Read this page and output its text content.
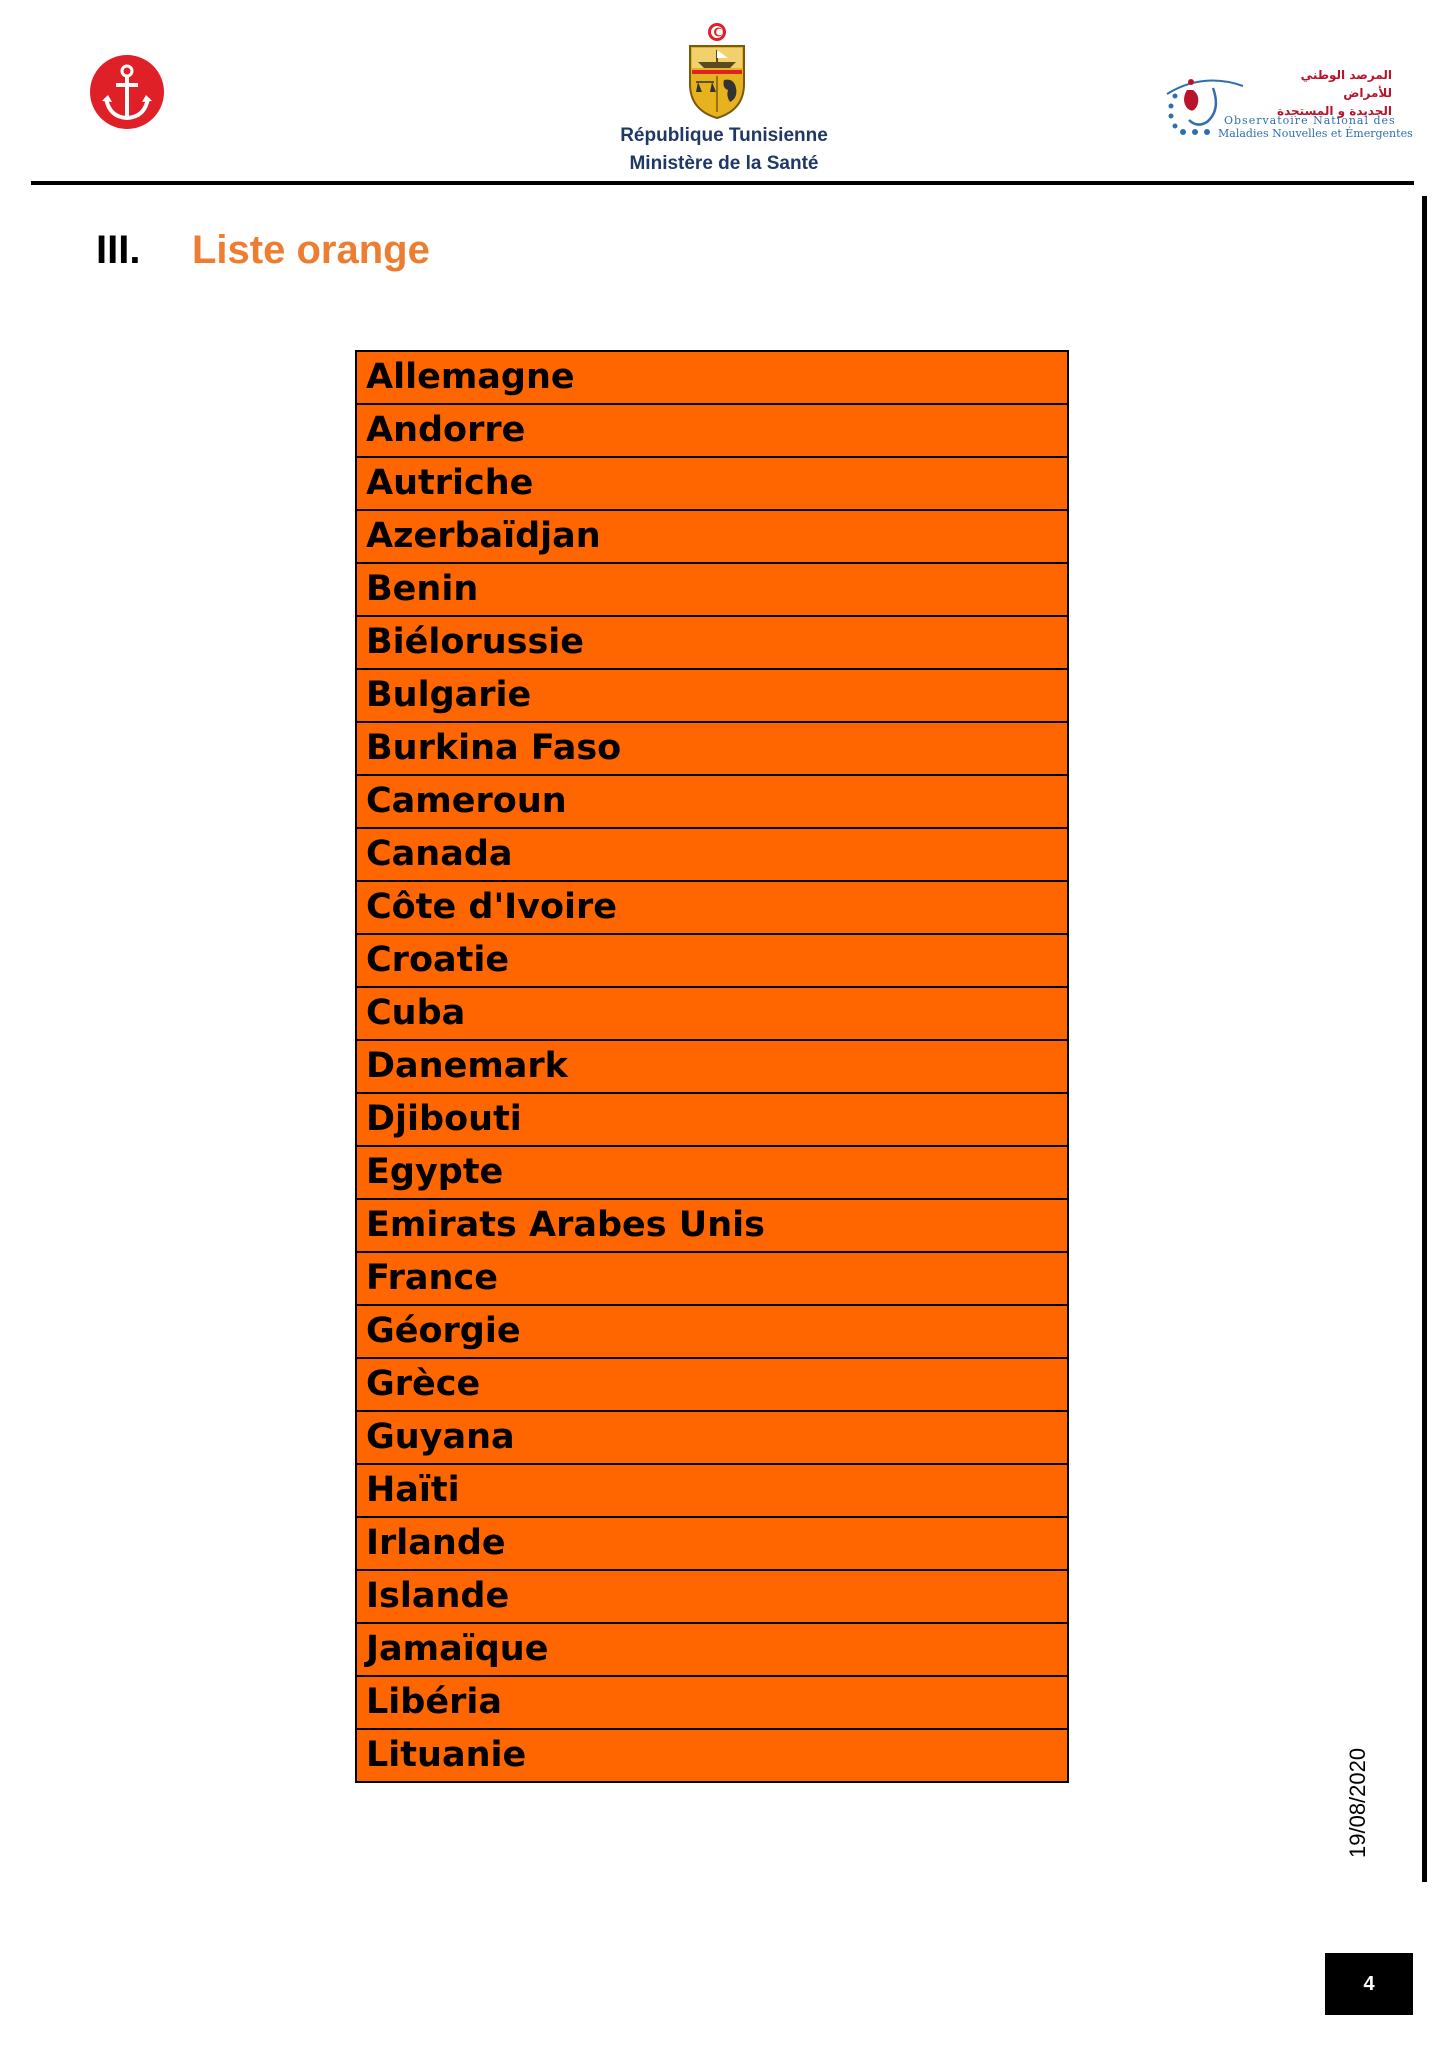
République Tunisienne
Ministère de la Santé
المرصد الوطني للأمراض
الجديدة و المستجدة
Observatoire National des
Maladies Nouvelles et Émergentes
III. Liste orange
Allemagne
Andorre
Autriche
Azerbaïdjan
Benin
Biélorussie
Bulgarie
Burkina Faso
Cameroun
Canada
Côte d'Ivoire
Croatie
Cuba
Danemark
Djibouti
Egypte
Emirats Arabes Unis
France
Géorgie
Grèce
Guyana
Haïti
Irlande
Islande
Jamaïque
Libéria
Lituanie	19/08/2020
4
